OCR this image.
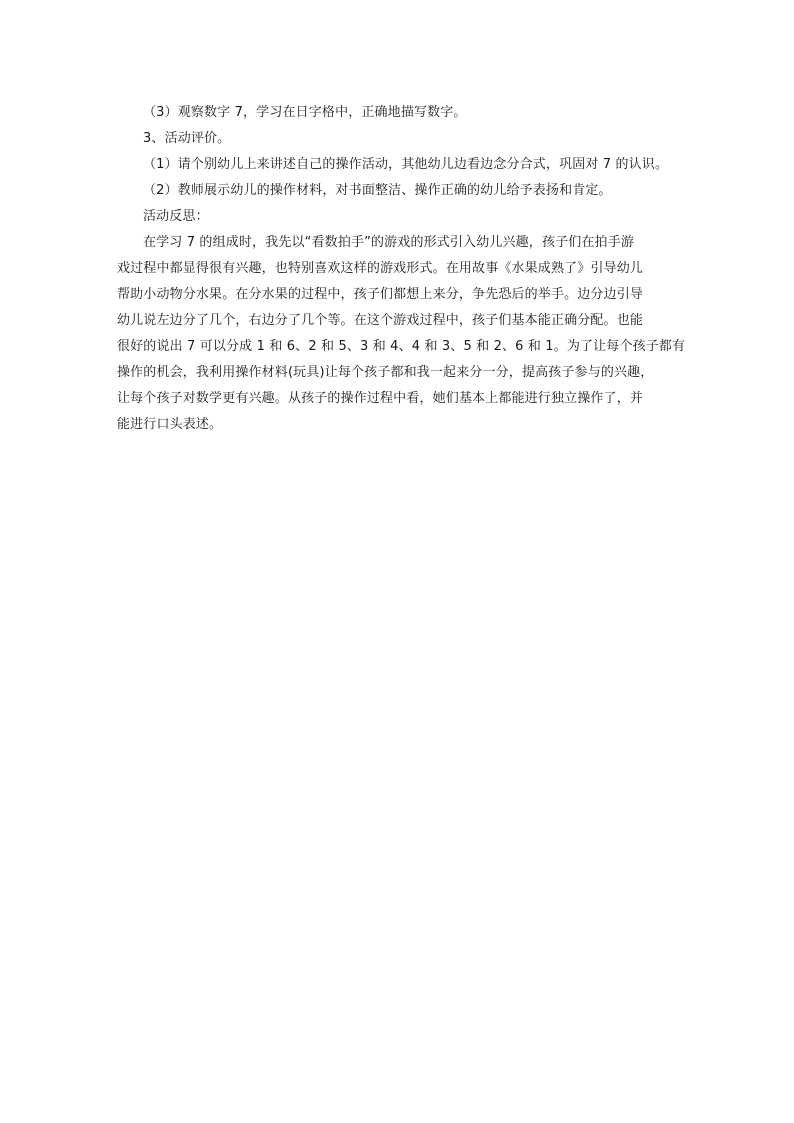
（3）观察数字 7，学习在日字格中，正确地描写数字。
3、活动评价。
（1）请个别幼儿上来讲述自己的操作活动，其他幼儿边看边念分合式，巩固对 7 的认识。
（2）教师展示幼儿的操作材料，对书面整洁、操作正确的幼儿给予表扬和肯定。
活动反思：
在学习 7 的组成时，我先以“看数拍手”的游戏的形式引入幼儿兴趣，孩子们在拍手游
戏过程中都显得很有兴趣，也特别喜欢这样的游戏形式。在用故事《水果成熟了》引导幼儿
帮助小动物分水果。在分水果的过程中，孩子们都想上来分，争先恐后的举手。边分边引导
幼儿说左边分了几个，右边分了几个等。在这个游戏过程中，孩子们基本能正确分配。也能
很好的说出 7 可以分成 1 和 6、2 和 5、3 和 4、4 和 3、5 和 2、6 和 1。为了让每个孩子都有
操作的机会，我利用操作材料(玩具)让每个孩子都和我一起来分一分，提高孩子参与的兴趣，
让每个孩子对数学更有兴趣。从孩子的操作过程中看，她们基本上都能进行独立操作了，并
能进行口头表述。
